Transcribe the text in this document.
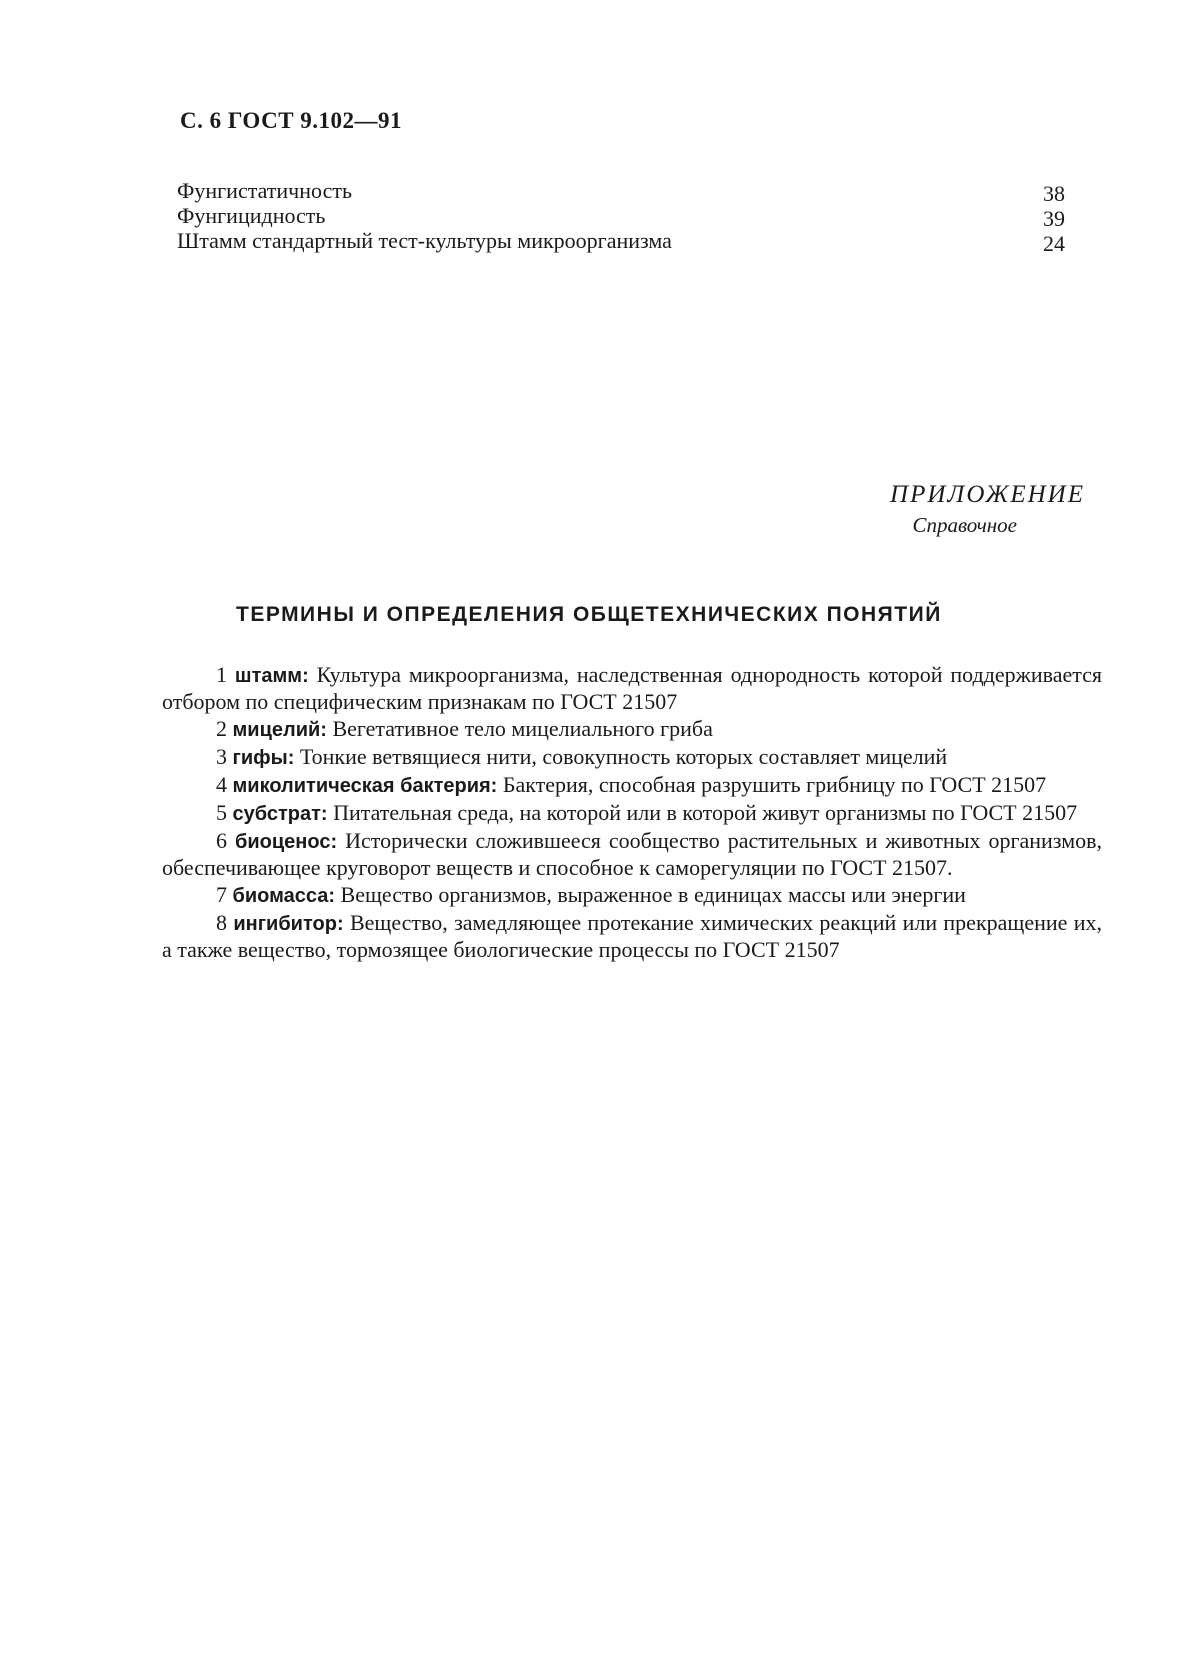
С. 6 ГОСТ 9.102—91
Фунгистатичность	38
Фунгицидность	39
Штамм стандартный тест-культуры микроорганизма	24
ПРИЛОЖЕНИЕ
Справочное
ТЕРМИНЫ И ОПРЕДЕЛЕНИЯ ОБЩЕТЕХНИЧЕСКИХ ПОНЯТИЙ

1 штамм: Культура микроорганизма, наследственная однородность которой поддерживается отбором по специфическим признакам по ГОСТ 21507

2 мицелий: Вегетативное тело мицелиального гриба

3 гифы: Тонкие ветвящиеся нити, совокупность которых составляет мицелий

4 миколитическая бактерия: Бактерия, способная разрушить грибницу по ГОСТ 21507

5 субстрат: Питательная среда, на которой или в которой живут организмы по ГОСТ 21507

6 биоценос: Исторически сложившееся сообщество растительных и животных организмов, обеспечивающее круговорот веществ и способное к саморегуляции по ГОСТ 21507.

7 биомасса: Вещество организмов, выраженное в единицах массы или энергии

8 ингибитор: Вещество, замедляющее протекание химических реакций или прекращение их, а также вещество, тормозящее биологические процессы по ГОСТ 21507
